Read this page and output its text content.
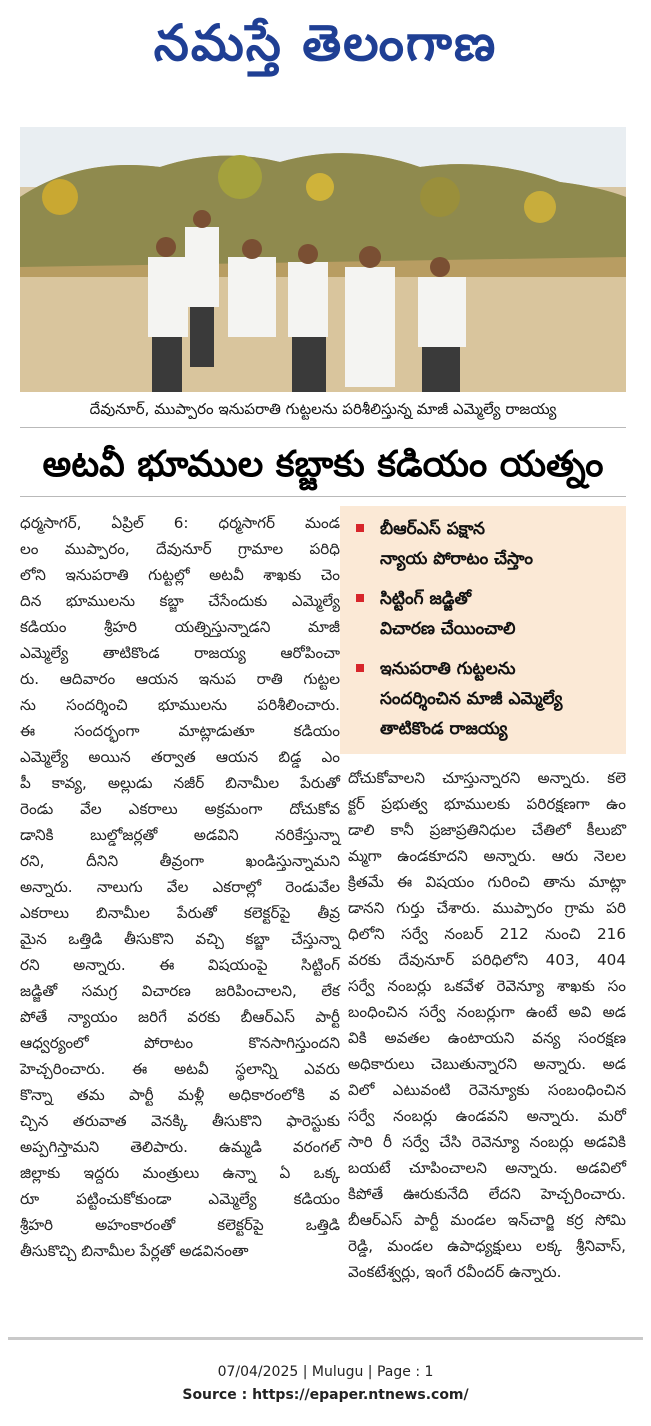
నమస్తే తెలంగాణ
దేవునూర్, ముప్పారం ఇనుపరాతి గుట్టలను పరిశీలిస్తున్న మాజీ ఎమ్మెల్యే రాజయ్య
అటవీ భూముల కబ్జాకు కడియం యత్నం

బీఆర్ఎస్ పక్షాన

న్యాయ పోరాటం చేస్తాం

సిట్టింగ్ జడ్జితో

విచారణ చేయించాలి

ఇనుపరాతి గుట్టలను

సందర్శించిన మాజీ ఎమ్మెల్యే

తాటికొండ రాజయ్య

ధర్మసాగర్, ఏప్రిల్ 6: ధర్మసాగర్ మండ

లం ముప్పారం, దేవునూర్ గ్రామాల పరిధి

లోని ఇనుపరాతి గుట్టల్లో అటవీ శాఖకు చెం

దిన భూములను కబ్జా చేసేందుకు ఎమ్మెల్యే

కడియం శ్రీహరి యత్నిస్తున్నాడని మాజీ

ఎమ్మెల్యే తాటికొండ రాజయ్య ఆరోపించా

రు. ఆదివారం ఆయన ఇనుప రాతి గుట్టల

ను సందర్శించి భూములను పరిశీలించారు.

ఈ సందర్భంగా మాట్లాడుతూ కడియం

ఎమ్మెల్యే అయిన తర్వాత ఆయన బిడ్డ ఎం

పీ కావ్య, అల్లుడు నజీర్ బినామీల పేరుతో

రెండు వేల ఎకరాలు అక్రమంగా దోచుకోవ

డానికి బుల్డోజర్లతో అడవిని నరికేస్తున్నా

రని, దీనిని తీవ్రంగా ఖండిస్తున్నామని

అన్నారు. నాలుగు వేల ఎకరాల్లో రెండువేల

ఎకరాలు బినామీల పేరుతో కలెక్టర్‌పై తీవ్ర

మైన ఒత్తిడి తీసుకొని వచ్చి కబ్జా చేస్తున్నా

రని అన్నారు. ఈ విషయంపై సిట్టింగ్

జడ్జితో సమగ్ర విచారణ జరిపించాలని, లేక

పోతే న్యాయం జరిగే వరకు బీఆర్ఎస్ పార్టీ

ఆధ్వర్యంలో పోరాటం కొనసాగిస్తుందని

హెచ్చరించారు. ఈ అటవీ స్థలాన్ని ఎవరు

కొన్నా తమ పార్టీ మళ్లీ అధికారంలోకి వ

చ్చిన తరువాత వెనక్కి తీసుకొని ఫారెస్టుకు

అప్పగిస్తామని తెలిపారు. ఉమ్మడి వరంగల్

జిల్లాకు ఇద్దరు మంత్రులు ఉన్నా ఏ ఒక్క

రూ పట్టించుకోకుండా ఎమ్మెల్యే కడియం

శ్రీహరి అహంకారంతో కలెక్టర్‌పై ఒత్తిడి

తీసుకొచ్చి బినామీల పేర్లతో అడవినంతా

దోచుకోవాలని చూస్తున్నారని అన్నారు. కలె

క్టర్ ప్రభుత్వ భూములకు పరిరక్షణగా ఉం

డాలి కానీ ప్రజాప్రతినిధుల చేతిలో కీలుబొ

మ్మగా ఉండకూదని అన్నారు. ఆరు నెలల

క్రితమే ఈ విషయం గురించి తాను మాట్లా

డానని గుర్తు చేశారు. ముప్పారం గ్రామ పరి

ధిలోని సర్వే నంబర్ 212 నుంచి 216

వరకు దేవునూర్ పరిధిలోని 403, 404

సర్వే నంబర్లు ఒకవేళ రెవెన్యూ శాఖకు సం

బంధించిన సర్వే నంబర్లుగా ఉంటే అవి అడ

వికి అవతల ఉంటాయని వన్య సంరక్షణ

అధికారులు చెబుతున్నారని అన్నారు. అడ

విలో ఎటువంటి రెవెన్యూకు సంబంధించిన

సర్వే నంబర్లు ఉండవని అన్నారు. మరో

సారి రీ సర్వే చేసి రెవెన్యూ నంబర్లు అడవికి

బయటే చూపించాలని అన్నారు. అడవిలో

కిపోతే ఊరుకునేది లేదని హెచ్చరించారు.

బీఆర్ఎస్ పార్టీ మండల ఇన్‌చార్జి కర్ర సోమి

రెడ్డి, మండల ఉపాధ్యక్షులు లక్క శ్రీనివాస్,

వెంకటేశ్వర్లు, ఇంగే రవీందర్ ఉన్నారు.

07/04/2025 | Mulugu | Page : 1
Source : https://epaper.ntnews.com/
